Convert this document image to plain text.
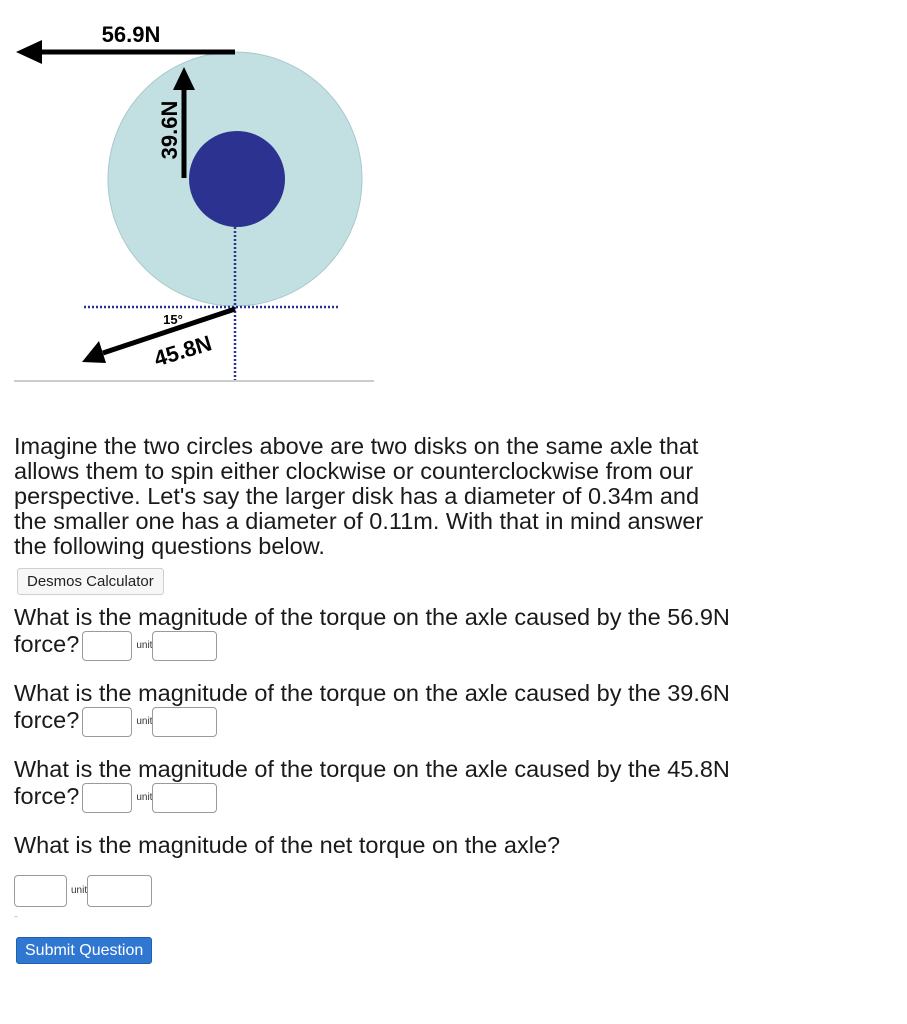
56.9N
39.6N
15°
45.8N

Imagine the two circles above are two disks on the same axle that allows them to spin either clockwise or counterclockwise from our perspective. Let's say the larger disk has a diameter of 0.34m and the smaller one has a diameter of 0.11m. With that in mind answer the following questions below.

Desmos Calculator
What is the magnitude of the torque on the axle caused by the 56.9N force?	unit
What is the magnitude of the torque on the axle caused by the 39.6N force?	unit
What is the magnitude of the torque on the axle caused by the 45.8N force?	unit
What is the magnitude of the net torque on the axle?
unit
Submit Question
